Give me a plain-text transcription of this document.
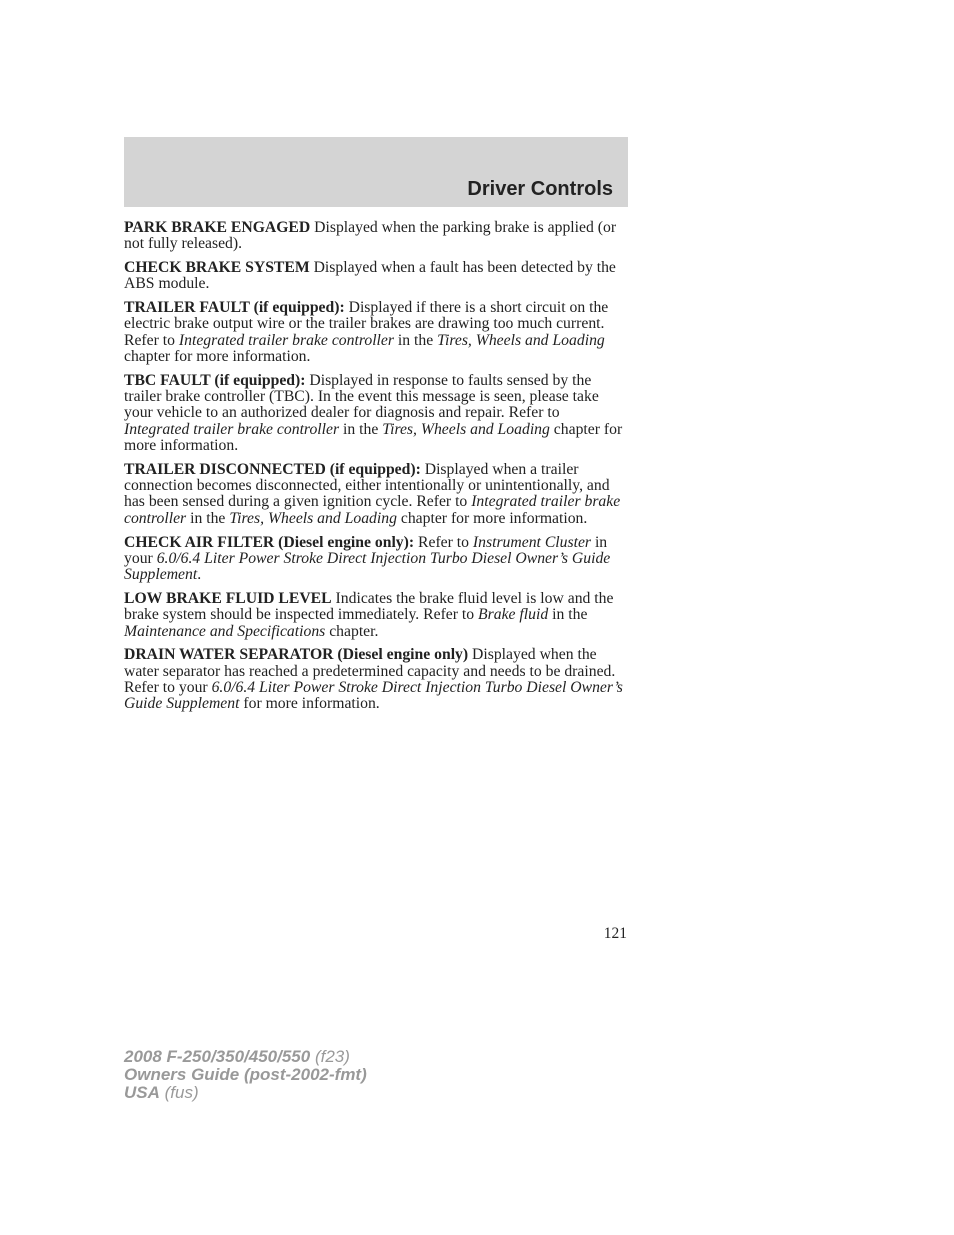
Driver Controls

PARK BRAKE ENGAGED Displayed when the parking brake is applied (or not fully released).

CHECK BRAKE SYSTEM Displayed when a fault has been detected by the ABS module.

TRAILER FAULT (if equipped): Displayed if there is a short circuit on the electric brake output wire or the trailer brakes are drawing too much current. Refer to Integrated trailer brake controller in the Tires, Wheels and Loading chapter for more information.

TBC FAULT (if equipped): Displayed in response to faults sensed by the trailer brake controller (TBC). In the event this message is seen, please take your vehicle to an authorized dealer for diagnosis and repair. Refer to Integrated trailer brake controller in the Tires, Wheels and Loading chapter for more information.

TRAILER DISCONNECTED (if equipped): Displayed when a trailer connection becomes disconnected, either intentionally or unintentionally, and has been sensed during a given ignition cycle. Refer to Integrated trailer brake controller in the Tires, Wheels and Loading chapter for more information.

CHECK AIR FILTER (Diesel engine only): Refer to Instrument Cluster in your 6.0/6.4 Liter Power Stroke Direct Injection Turbo Diesel Owner’s Guide Supplement.

LOW BRAKE FLUID LEVEL Indicates the brake fluid level is low and the brake system should be inspected immediately. Refer to Brake fluid in the Maintenance and Specifications chapter.

DRAIN WATER SEPARATOR (Diesel engine only) Displayed when the water separator has reached a predetermined capacity and needs to be drained. Refer to your 6.0/6.4 Liter Power Stroke Direct Injection Turbo Diesel Owner’s Guide Supplement for more information.

121
2008 F-250/350/450/550 (f23)
Owners Guide (post-2002-fmt)
USA (fus)
